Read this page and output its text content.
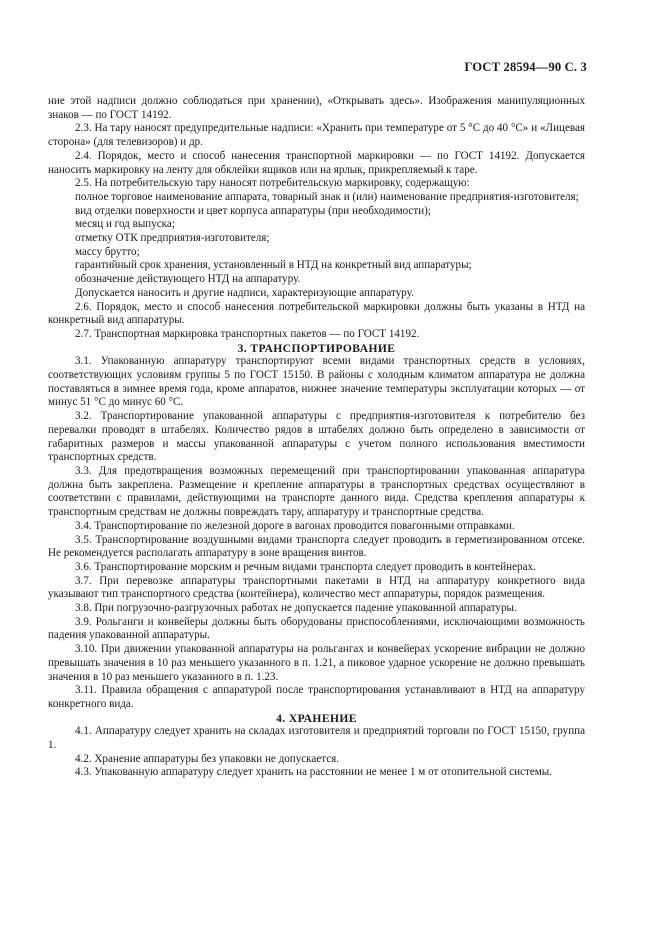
ГОСТ 28594—90 С. 3

ние этой надписи должно соблюдаться при хранении), «Открывать здесь». Изображения манипуляционных знаков — по ГОСТ 14192.

2.3. На тару наносят предупредительные надписи: «Хранить при температуре от 5 °С до 40 °С» и «Лицевая сторона» (для телевизоров) и др.

2.4. Порядок, место и способ нанесения транспортной маркировки — по ГОСТ 14192. Допускается наносить маркировку на ленту для обклейки ящиков или на ярлык, прикрепляемый к таре.

2.5. На потребительскую тару наносят потребительскую маркировку, содержащую:

полное торговое наименование аппарата, товарный знак и (или) наименование предприятия-изготовителя;

вид отделки поверхности и цвет корпуса аппаратуры (при необходимости);

месяц и год выпуска;

отметку ОТК предприятия-изготовителя;

массу брутто;

гарантийный срок хранения, установленный в НТД на конкретный вид аппаратуры;

обозначение действующего НТД на аппаратуру.

Допускается наносить и другие надписи, характеризующие аппаратуру.

2.6. Порядок, место и способ нанесения потребительской маркировки должны быть указаны в НТД на конкретный вид аппаратуры.

2.7. Транспортная маркировка транспортных пакетов — по ГОСТ 14192.

3. ТРАНСПОРТИРОВАНИЕ

3.1. Упакованную аппаратуру транспортируют всеми видами транспортных средств в условиях, соответствующих условиям группы 5 по ГОСТ 15150. В районы с холодным климатом аппаратура не должна поставляться в зимнее время года, кроме аппаратов, нижнее значение температуры эксплуатации которых — от минус 51 °С до минус 60 °С.

3.2. Транспортирование упакованной аппаратуры с предприятия-изготовителя к потребителю без перевалки проводят в штабелях. Количество рядов в штабелях должно быть определено в зависимости от габаритных размеров и массы упакованной аппаратуры с учетом полного использования вместимости транспортных средств.

3.3. Для предотвращения возможных перемещений при транспортировании упакованная аппаратура должна быть закреплена. Размещение и крепление аппаратуры в транспортных средствах осуществляют в соответствии с правилами, действующими на транспорте данного вида. Средства крепления аппаратуры к транспортным средствам не должны повреждать тару, аппаратуру и транспортные средства.

3.4. Транспортирование по железной дороге в вагонах проводится повагонными отправками.

3.5. Транспортирование воздушными видами транспорта следует проводить в герметизированном отсеке. Не рекомендуется располагать аппаратуру в зоне вращения винтов.

3.6. Транспортирование морским и речным видами транспорта следует проводить в контейнерах.

3.7. При перевозке аппаратуры транспортными пакетами в НТД на аппаратуру конкретного вида указывают тип транспортного средства (контейнера), количество мест аппаратуры, порядок размещения.

3.8. При погрузочно-разгрузочных работах не допускается падение упакованной аппаратуры.

3.9. Рольганги и конвейеры должны быть оборудованы приспособлениями, исключающими возможность падения упакованной аппаратуры.

3.10. При движении упакованной аппаратуры на рольгангах и конвейерах ускорение вибрации не должно превышать значения в 10 раз меньшего указанного в п. 1.21, а пиковое ударное ускорение не должно превышать значения в 10 раз меньшего указанного в п. 1.23.

3.11. Правила обращения с аппаратурой после транспортирования устанавливают в НТД на аппаратуру конкретного вида.

4. ХРАНЕНИЕ

4.1. Аппаратуру следует хранить на складах изготовителя и предприятий торговли по ГОСТ 15150, группа 1.

4.2. Хранение аппаратуры без упаковки не допускается.

4.3. Упакованную аппаратуру следует хранить на расстоянии не менее 1 м от отопительной системы.
